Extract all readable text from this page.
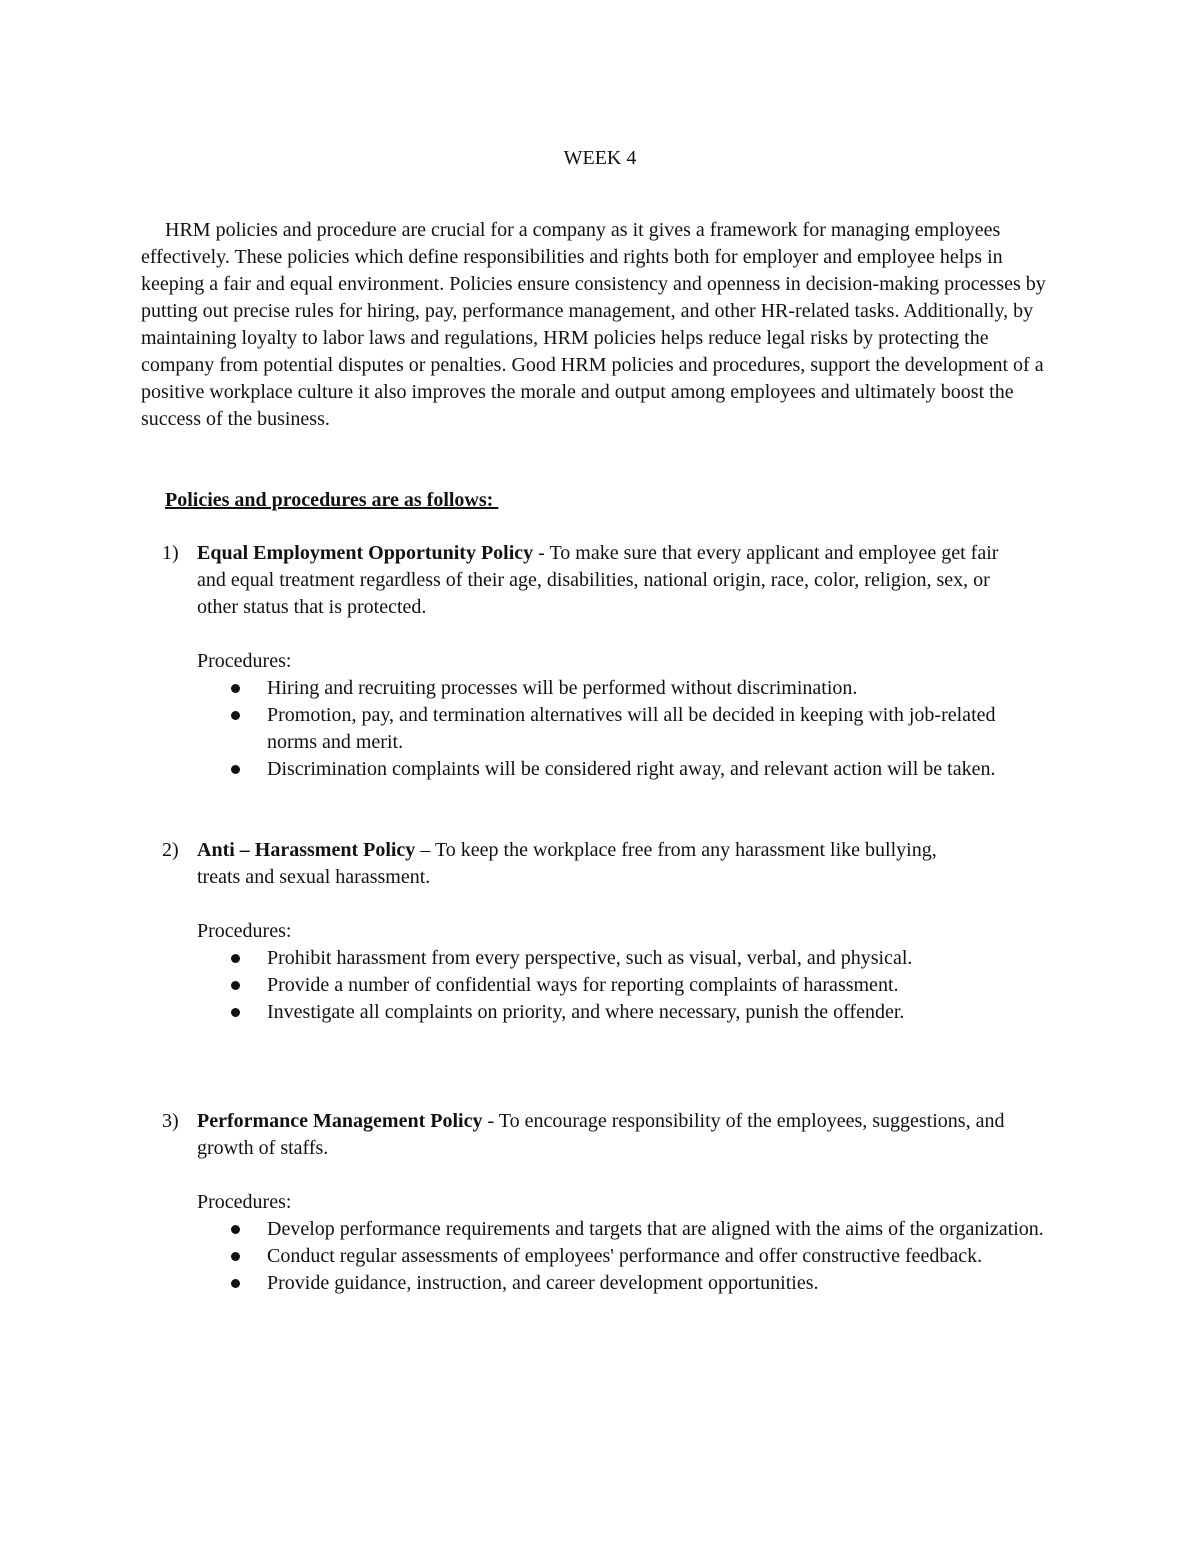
WEEK 4

HRM policies and procedure are crucial for a company as it gives a framework for managing employees effectively. These policies which define responsibilities and rights both for employer and employee helps in keeping a fair and equal environment. Policies ensure consistency and openness in decision-making processes by putting out precise rules for hiring, pay, performance management, and other HR-related tasks. Additionally, by maintaining loyalty to labor laws and regulations, HRM policies helps reduce legal risks by protecting the company from potential disputes or penalties. Good HRM policies and procedures, support the development of a positive workplace culture it also improves the morale and output among employees and ultimately boost the success of the business.

Policies and procedures are as follows:
1) Equal Employment Opportunity Policy - To make sure that every applicant and employee get fair and equal treatment regardless of their age, disabilities, national origin, race, color, religion, sex, or other status that is protected.
Procedures:
Hiring and recruiting processes will be performed without discrimination.
Promotion, pay, and termination alternatives will all be decided in keeping with job-related norms and merit.
Discrimination complaints will be considered right away, and relevant action will be taken.
2) Anti – Harassment Policy – To keep the workplace free from any harassment like bullying,
treats and sexual harassment.
Procedures:
Prohibit harassment from every perspective, such as visual, verbal, and physical.
Provide a number of confidential ways for reporting complaints of harassment.
Investigate all complaints on priority, and where necessary, punish the offender.
3) Performance Management Policy - To encourage responsibility of the employees, suggestions, and growth of staffs.
Procedures:
Develop performance requirements and targets that are aligned with the aims of the organization.
Conduct regular assessments of employees' performance and offer constructive feedback.
Provide guidance, instruction, and career development opportunities.
